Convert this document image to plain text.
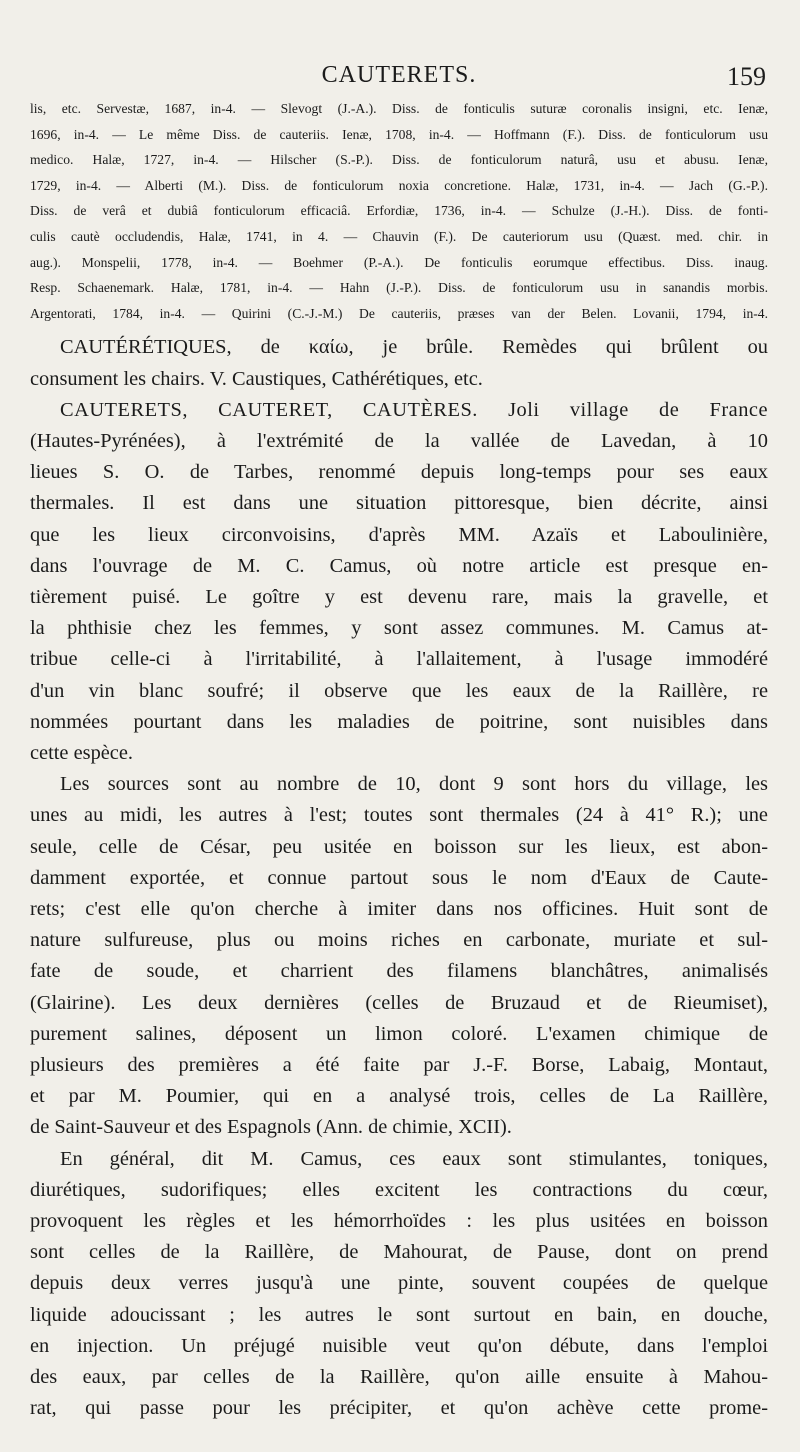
CAUTERETS.	159
lis, etc. Servestæ, 1687, in-4. — Slevogt (J.-A.). Diss. de fonticulis suturæ coronalis insigni, etc. Ienæ,
1696, in-4. — Le même Diss. de cauteriis. Ienæ, 1708, in-4. — Hoffmann (F.). Diss. de fonticulorum usu
medico. Halæ, 1727, in-4. — Hilscher (S.-P.). Diss. de fonticulorum naturâ, usu et abusu. Ienæ,
1729, in-4. — Alberti (M.). Diss. de fonticulorum noxia concretione. Halæ, 1731, in-4. — Jach (G.-P.).
Diss. de verâ et dubiâ fonticulorum efficaciâ. Erfordiæ, 1736, in-4. — Schulze (J.-H.). Diss. de fonti-
culis cautè occludendis, Halæ, 1741, in 4. — Chauvin (F.). De cauteriorum usu (Quæst. med. chir. in
aug.). Monspelii, 1778, in-4. — Boehmer (P.-A.). De fonticulis eorumque effectibus. Diss. inaug.
Resp. Schaenemark. Halæ, 1781, in-4. — Hahn (J.-P.). Diss. de fonticulorum usu in sanandis morbis.
Argentorati, 1784, in-4. — Quirini (C.-J.-M.) De cauteriis, præses van der Belen. Lovanii, 1794, in-4.
CAUTÉRÉTIQUES, de καίω, je brûle. Remèdes qui brûlent ou
consument les chairs. V. Caustiques, Cathérétiques, etc.
CAUTERETS, CAUTERET, CAUTÈRES. Joli village de France
(Hautes-Pyrénées), à l'extrémité de la vallée de Lavedan, à 10
lieues S. O. de Tarbes, renommé depuis long-temps pour ses eaux
thermales. Il est dans une situation pittoresque, bien décrite, ainsi
que les lieux circonvoisins, d'après MM. Azaïs et Laboulinière,
dans l'ouvrage de M. C. Camus, où notre article est presque en-
tièrement puisé. Le goître y est devenu rare, mais la gravelle, et
la phthisie chez les femmes, y sont assez communes. M. Camus at-
tribue celle-ci à l'irritabilité, à l'allaitement, à l'usage immodéré
d'un vin blanc soufré; il observe que les eaux de la Raillère, re
nommées pourtant dans les maladies de poitrine, sont nuisibles dans
cette espèce.
Les sources sont au nombre de 10, dont 9 sont hors du village, les
unes au midi, les autres à l'est; toutes sont thermales (24 à 41° R.); une
seule, celle de César, peu usitée en boisson sur les lieux, est abon-
damment exportée, et connue partout sous le nom d'Eaux de Caute-
rets; c'est elle qu'on cherche à imiter dans nos officines. Huit sont de
nature sulfureuse, plus ou moins riches en carbonate, muriate et sul-
fate de soude, et charrient des filamens blanchâtres, animalisés
(Glairine). Les deux dernières (celles de Bruzaud et de Rieumiset),
purement salines, déposent un limon coloré. L'examen chimique de
plusieurs des premières a été faite par J.-F. Borse, Labaig, Montaut,
et par M. Poumier, qui en a analysé trois, celles de La Raillère,
de Saint-Sauveur et des Espagnols (Ann. de chimie, XCII).
En général, dit M. Camus, ces eaux sont stimulantes, toniques,
diurétiques, sudorifiques; elles excitent les contractions du cœur,
provoquent les règles et les hémorrhoïdes : les plus usitées en boisson
sont celles de la Raillère, de Mahourat, de Pause, dont on prend
depuis deux verres jusqu'à une pinte, souvent coupées de quelque
liquide adoucissant ; les autres le sont surtout en bain, en douche,
en injection. Un préjugé nuisible veut qu'on débute, dans l'emploi
des eaux, par celles de la Raillère, qu'on aille ensuite à Mahou-
rat, qui passe pour les précipiter, et qu'on achève cette prome-
